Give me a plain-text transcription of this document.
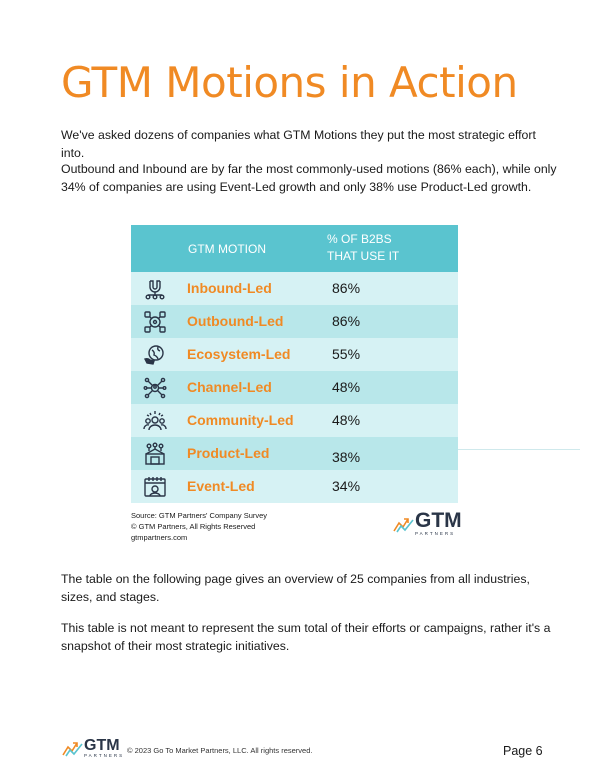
GTM Motions in Action

We've asked dozens of companies what GTM Motions they put the most strategic effort into.

Outbound and Inbound are by far the most commonly-used motions (86% each), while only 34% of companies are using Event-Led growth and only 38% use Product-Led growth.

GTM MOTION
% OF B2BS
THAT USE IT
Inbound-Led	86%
Outbound-Led	86%
Ecosystem-Led	55%
Channel-Led	48%
Community-Led	48%
Product-Led	38%
Event-Led	34%
Source: GTM Partners' Company Survey
© GTM Partners, All Rights Reserved
gtmpartners.com
GTM
PARTNERS

The table on the following page gives an overview of 25 companies from all industries, sizes, and stages.

This table is not meant to represent the sum total of their efforts or campaigns, rather it's a snapshot of their most strategic initiatives.

GTM
PARTNERS
© 2023 Go To Market Partners, LLC. All rights reserved.	Page 6
